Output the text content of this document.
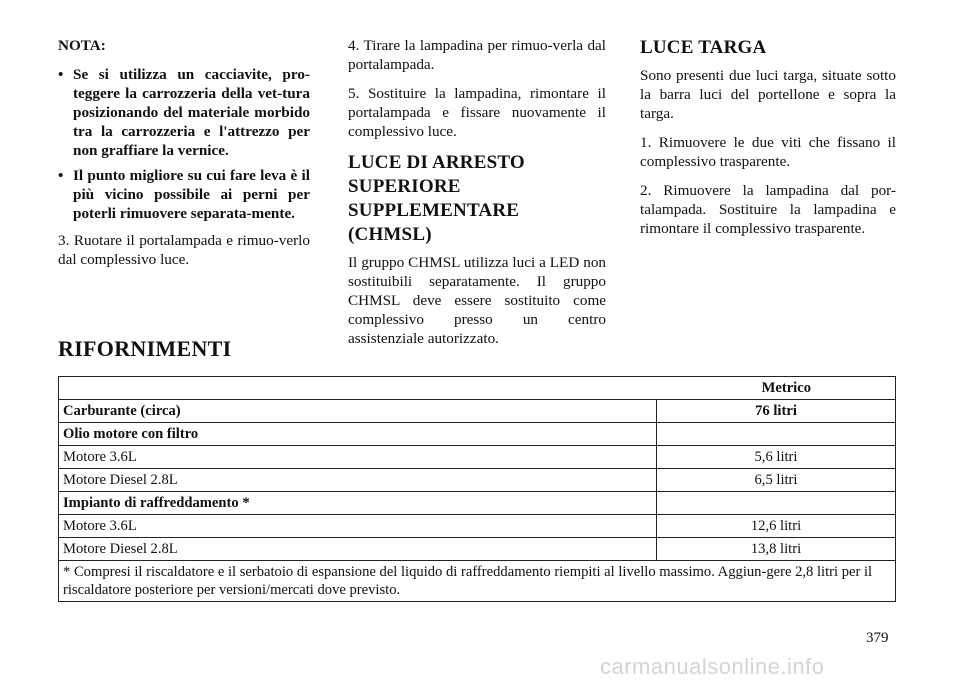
NOTA:

• Se si utilizza un cacciavite, pro-teggere la carrozzeria della vet-tura posizionando del materiale morbido tra la carrozzeria e l'attrezzo per non graffiare la vernice.
• Il punto migliore su cui fare leva è il più vicino possibile ai perni per poterli rimuovere separata-mente.

3. Ruotare il portalampada e rimuo-verlo dal complessivo luce.

4. Tirare la lampadina per rimuo-verla dal portalampada.

5. Sostituire la lampadina, rimontare il portalampada e fissare nuovamente il complessivo luce.

LUCE DI ARRESTO SUPERIORE SUPPLEMENTARE (CHMSL)

Il gruppo CHMSL utilizza luci a LED non sostituibili separatamente. Il gruppo CHMSL deve essere sostituito come complessivo presso un centro assistenziale autorizzato.

LUCE TARGA

Sono presenti due luci targa, situate sotto la barra luci del portellone e sopra la targa.

1. Rimuovere le due viti che fissano il complessivo trasparente.

2. Rimuovere la lampadina dal por-talampada. Sostituire la lampadina e rimontare il complessivo trasparente.

RIFORNIMENTI
Metrico	
Carburante (circa)	76 litri
Olio motore con filtro	
Motore 3.6L	5,6 litri
Motore Diesel 2.8L	6,5 litri
Impianto di raffreddamento *	
Motore 3.6L	12,6 litri
Motore Diesel 2.8L	13,8 litri
* Compresi il riscaldatore e il serbatoio di espansione del liquido di raffreddamento riempiti al livello massimo. Aggiun-gere 2,8 litri per il riscaldatore posteriore per versioni/mercati dove previsto.	
379
carmanualsonline.info
